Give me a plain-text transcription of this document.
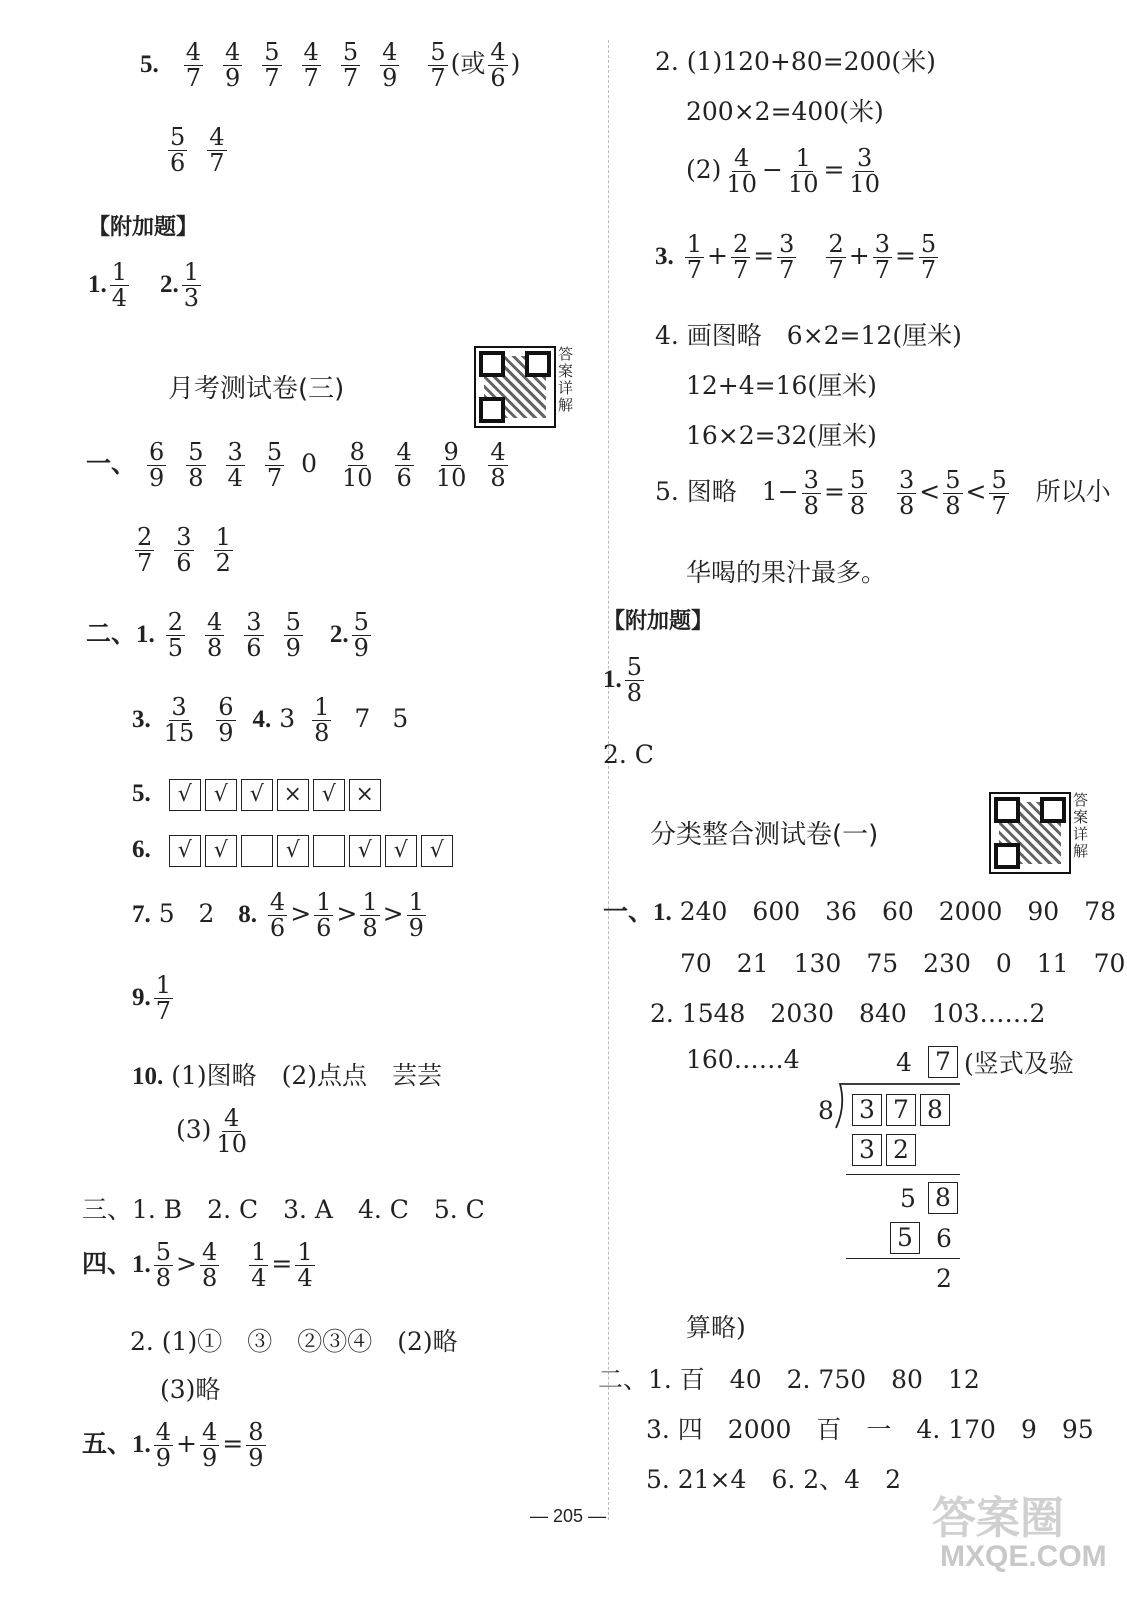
5. $\frac{4}{7} \frac{4}{9} \frac{5}{7} \frac{4}{7} \frac{5}{7} \frac{4}{9}$
$\frac{5}{7}$ (或 $\frac{4}{6}$ )
$\frac{5}{6} \frac{4}{7}$
【附加题】
1. $\frac{1}{4} 2$. $\frac{1}{3}$
月考测试卷(三)
答案详解
一、 $\frac{6}{9} \frac{5}{8} \frac{3}{4} \frac{5}{7} 0 \frac{8}{10} \frac{4}{6} \frac{9}{10} \frac{4}{8}$
$\frac{2}{7} \frac{3}{6} \frac{1}{2}$
二、1. $\frac{2}{5} \frac{4}{8} \frac{3}{6} \frac{5}{9} 2$. $\frac{5}{9}$
3. $\frac{3}{15} \frac{6}{9} 4$. $3 \frac{1}{8} 7$ 5
5. √ √ √ × √ ×
6. √ √	√	√ √ √
7. 5 2 8. $\frac{4}{6} > \frac{1}{6} > \frac{1}{8} > \frac{1}{9}$
9. $\frac{1}{7}$
10. (1)图略　(2)点点　芸芸
$(3) \frac{4}{10}$
三、1. B　2. C　3. A　4. C　5. C
四、1. $\frac{5}{8} > \frac{4}{8}$
$\frac{1}{4} = \frac{1}{4}$
2. (1)①　③　②③④　(2)略
(3)略
五、1. $\frac{4}{9} + \frac{4}{9} = \frac{8}{9}$
2. (1)120+80=200(米)
200×2=400(米)
$(2) \frac{4}{10} - \frac{1}{10} = \frac{3}{10}$
3. $\frac{1}{7} + \frac{2}{7} = \frac{3}{7} \frac{2}{7} + \frac{3}{7} = \frac{5}{7}$
4. 画图略　6×2=12(厘米)
12+4=16(厘米)
16×2=32(厘米)
5. 图略　$1- \frac{3}{8} = \frac{5}{8}$
$\frac{3}{8} < \frac{5}{8} < \frac{5}{7}$ 所以小
华喝的果汁最多。
【附加题】
1. $\frac{5}{8}$
2. C
分类整合测试卷(一)
答案详解
一、1. 240　600　36　60　2000　90　78
70　21　130　75　230　0　11　70
2. 1548　2030　840　103……2
160……4	4 7 (竖式及验
8 3 7 8
3 2
5 8
5 6
2
算略)
二、1. 百　40　2. 750　80　12
3. 四　2000　百　一　4. 170　9　95
5. 21×4　6. 2、4　2
— 205 —	答案圈
MXQE.COM
